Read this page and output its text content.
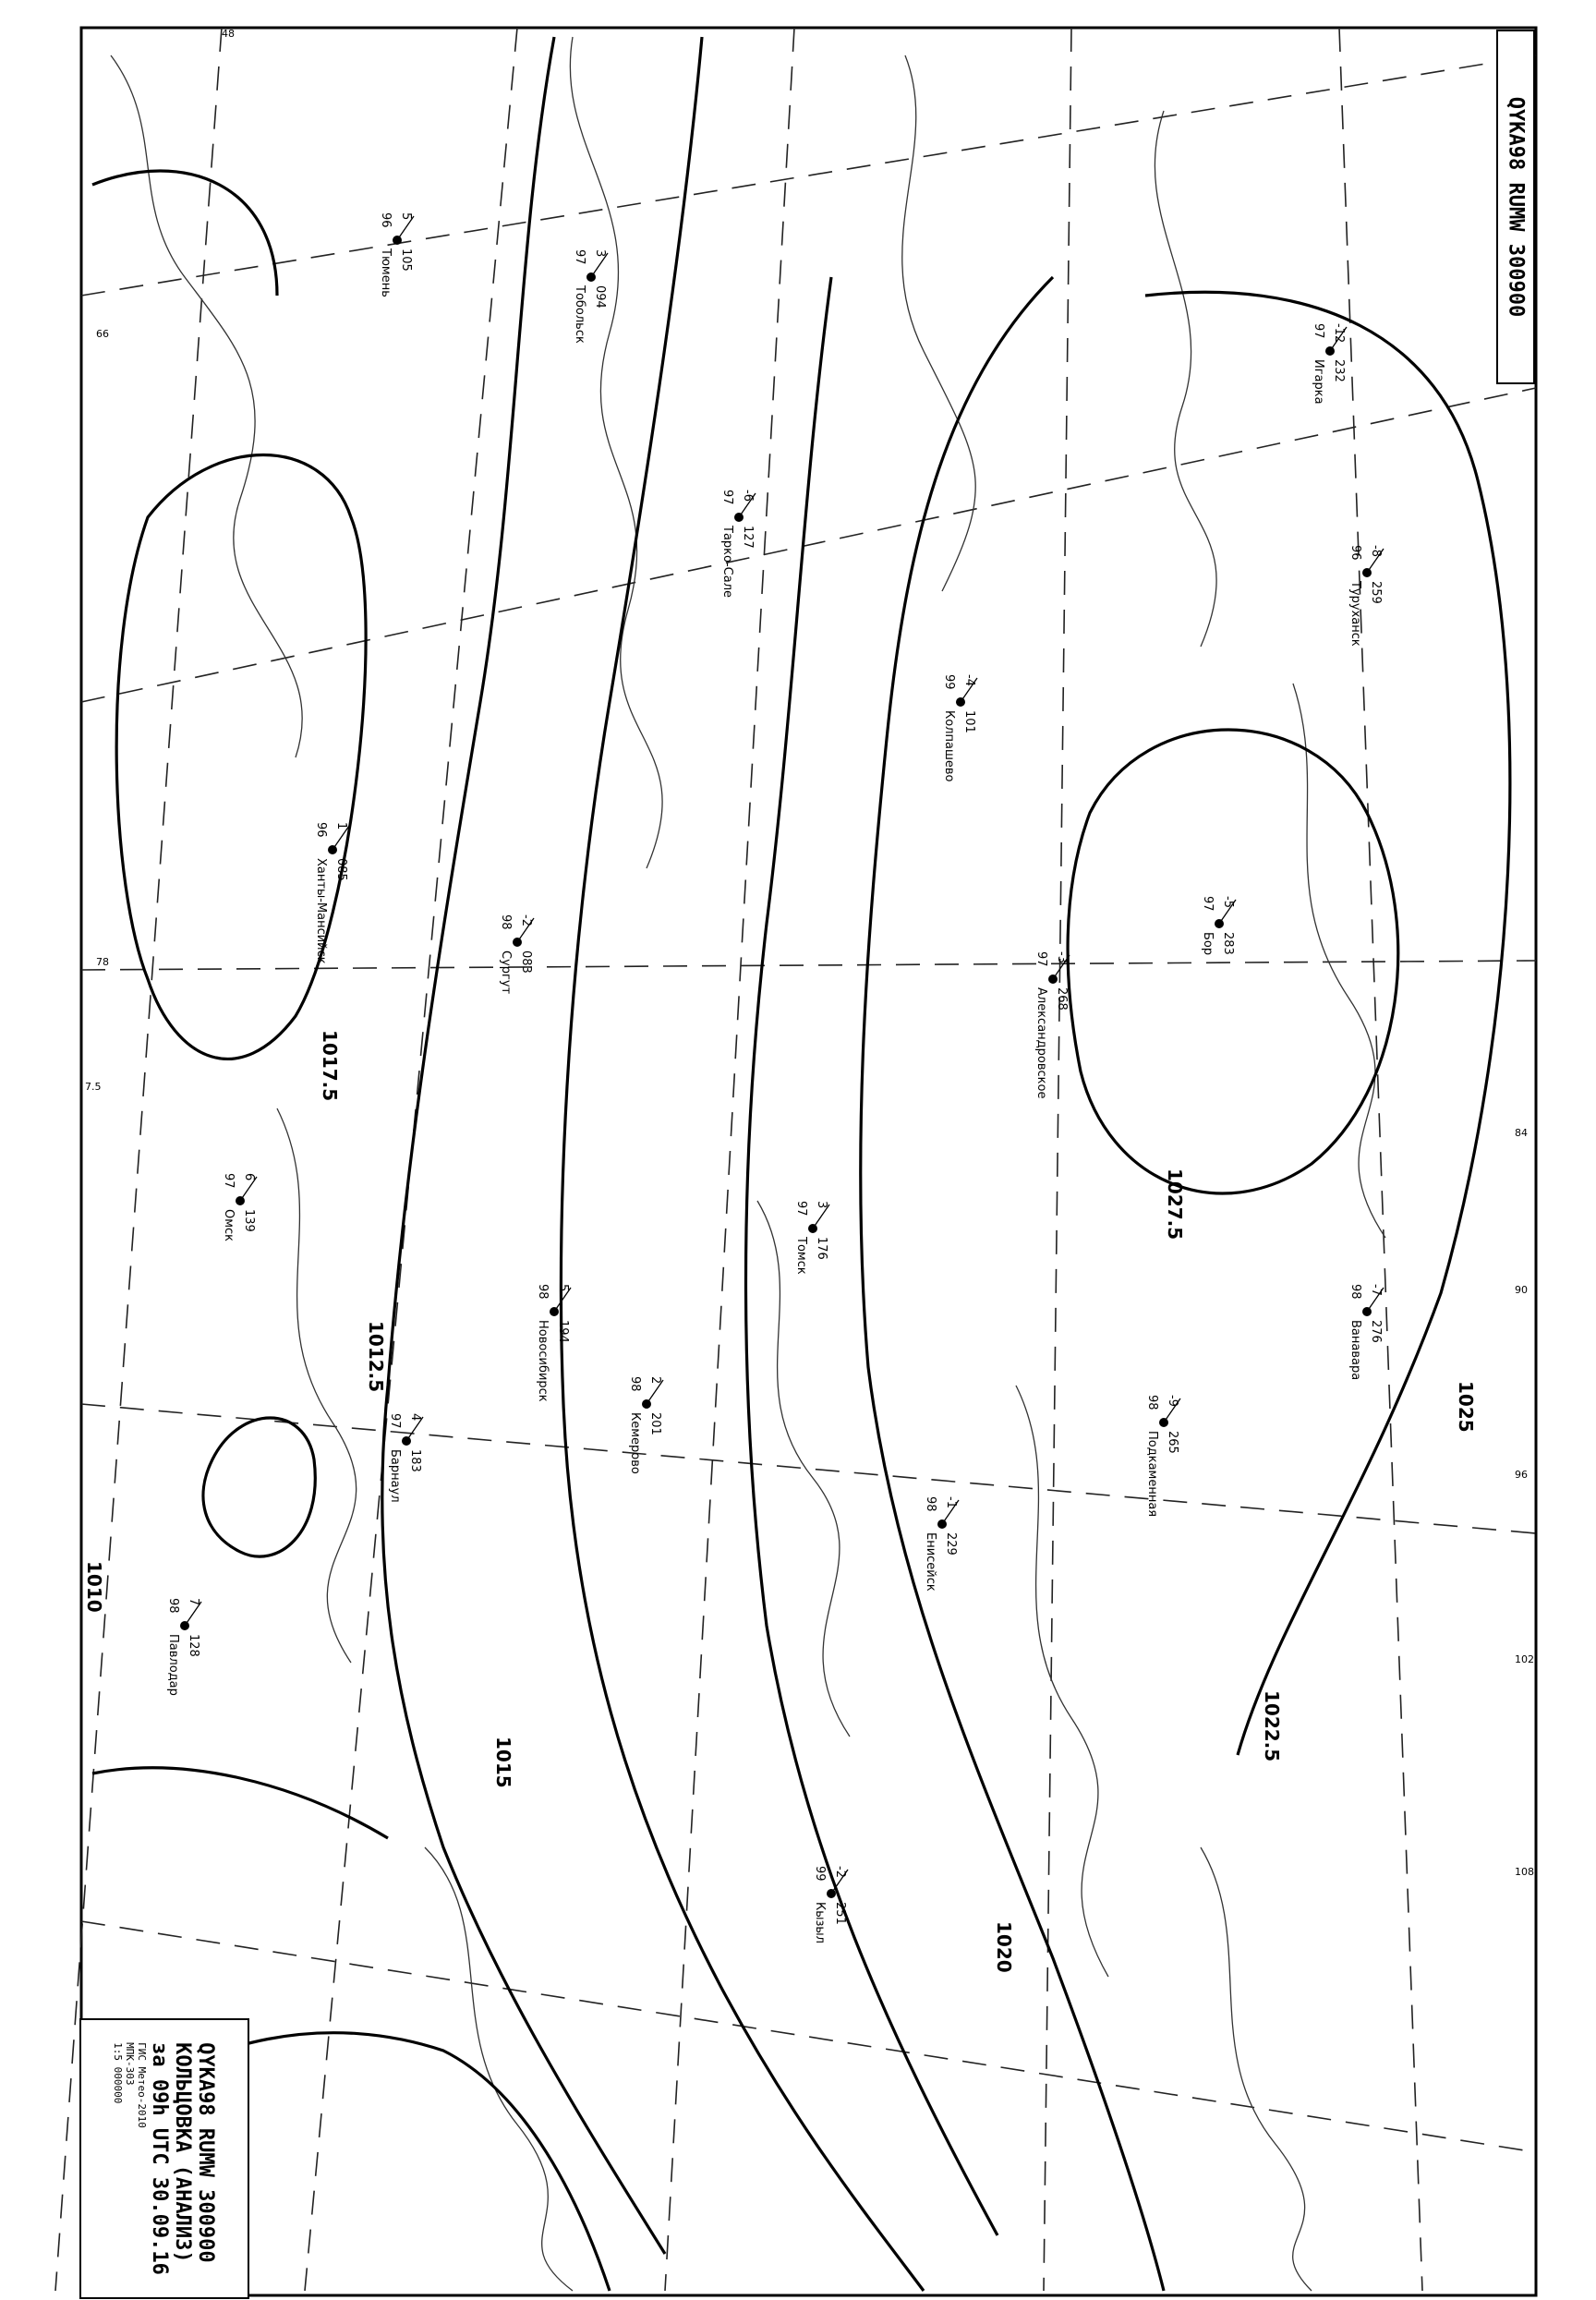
1010
1012.5
1015
1017.5
1020
1022.5
1025
1027.5
48
66
78
84
90
96
102
108
7.5
-2
083
98
Сургут
-4
101
99
Колпашево
-6
127
97
Тарко-Сале
1
085
96
Ханты-Мансийск
3
176
97
Томск
5
194
98
Новосибирск	2
201
98
Кемерово
-1
229
98
Енисейск
-3
268
97
Александровское
-5
283
97
Бор
-8
259
96
Туруханск
-12
232
97
Игарка
-7
276
98
Ванавара
-9
265
98
Подкаменная
4
183
97
Барнаул
-2
251
99
Кызыл
6
139
97
Омск
7
128
98
Павлодар
5
105
96
Тюмень	3
094
97
Тобольск
QYKA98 RUMW 300900
QYKA98 RUMW 300900
КОЛЬЦОВКА (АНАЛИЗ)
за 09h UTC 30.09.16
ГИС Метео-2010
МПК-303
1:5 000000
